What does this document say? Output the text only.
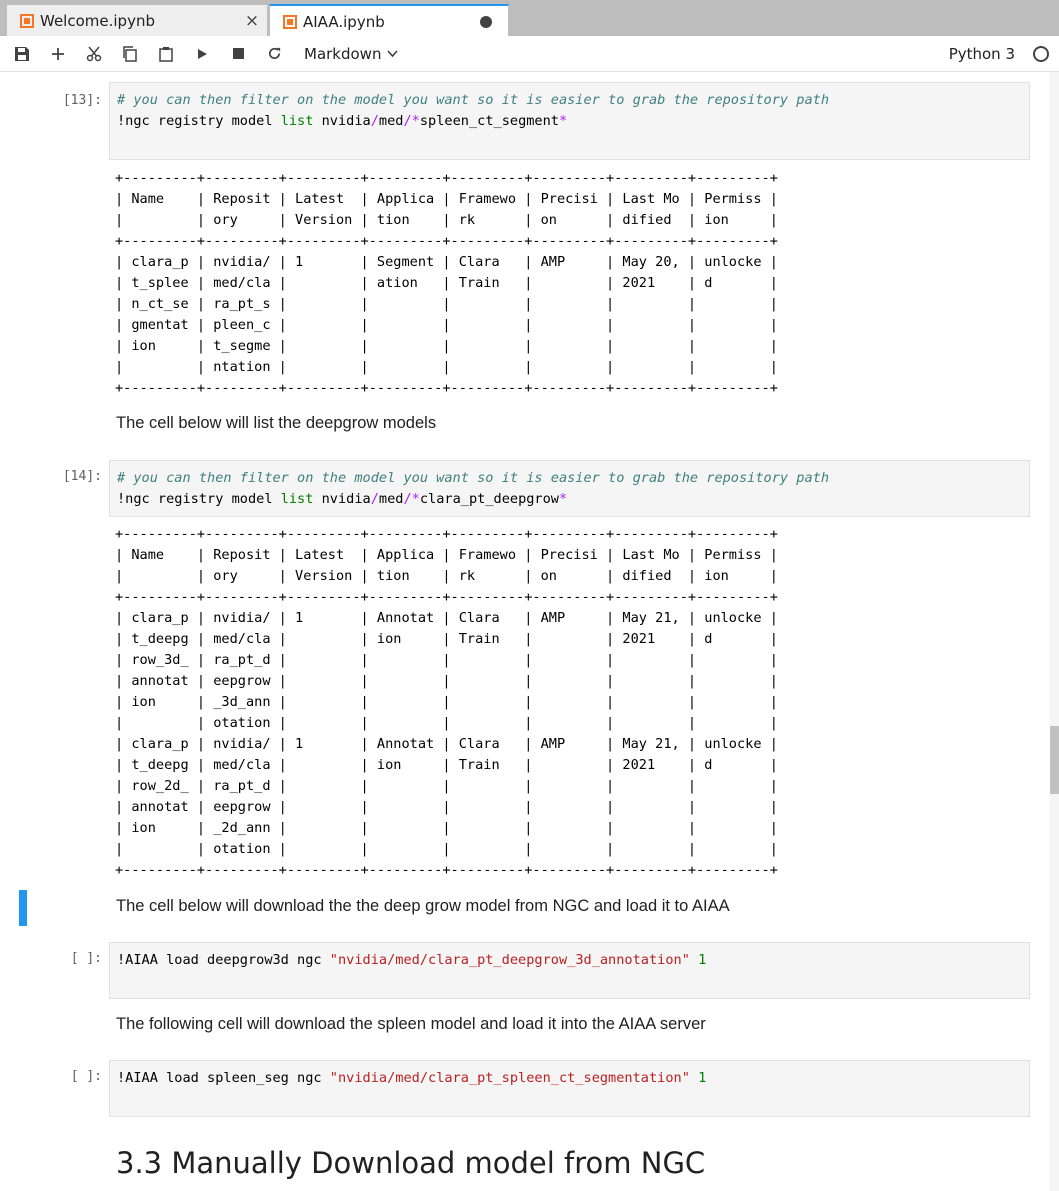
Welcome.ipynb	×	AIAA.ipynb
Markdown	Python 3
[13]:	# you can then filter on the model you want so it is easier to grab the repository path
!ngc registry model list nvidia/med/*spleen_ct_segment*
+---------+---------+---------+---------+---------+---------+---------+---------+
| Name    | Reposit | Latest  | Applica | Framewo | Precisi | Last Mo | Permiss |
|         | ory     | Version | tion    | rk      | on      | dified  | ion     |
+---------+---------+---------+---------+---------+---------+---------+---------+
| clara_p | nvidia/ | 1       | Segment | Clara   | AMP     | May 20, | unlocke |
| t_splee | med/cla |         | ation   | Train   |         | 2021    | d       |
| n_ct_se | ra_pt_s |         |         |         |         |         |         |
| gmentat | pleen_c |         |         |         |         |         |         |
| ion     | t_segme |         |         |         |         |         |         |
|         | ntation |         |         |         |         |         |         |
+---------+---------+---------+---------+---------+---------+---------+---------+
The cell below will list the deepgrow models
[14]:	# you can then filter on the model you want so it is easier to grab the repository path
!ngc registry model list nvidia/med/*clara_pt_deepgrow*
+---------+---------+---------+---------+---------+---------+---------+---------+
| Name    | Reposit | Latest  | Applica | Framewo | Precisi | Last Mo | Permiss |
|         | ory     | Version | tion    | rk      | on      | dified  | ion     |
+---------+---------+---------+---------+---------+---------+---------+---------+
| clara_p | nvidia/ | 1       | Annotat | Clara   | AMP     | May 21, | unlocke |
| t_deepg | med/cla |         | ion     | Train   |         | 2021    | d       |
| row_3d_ | ra_pt_d |         |         |         |         |         |         |
| annotat | eepgrow |         |         |         |         |         |         |
| ion     | _3d_ann |         |         |         |         |         |         |
|         | otation |         |         |         |         |         |         |
| clara_p | nvidia/ | 1       | Annotat | Clara   | AMP     | May 21, | unlocke |
| t_deepg | med/cla |         | ion     | Train   |         | 2021    | d       |
| row_2d_ | ra_pt_d |         |         |         |         |         |         |
| annotat | eepgrow |         |         |         |         |         |         |
| ion     | _2d_ann |         |         |         |         |         |         |
|         | otation |         |         |         |         |         |         |
+---------+---------+---------+---------+---------+---------+---------+---------+
The cell below will download the the deep grow model from NGC and load it to AIAA
[ ]:	!AIAA load deepgrow3d ngc "nvidia/med/clara_pt_deepgrow_3d_annotation" 1
The following cell will download the spleen model and load it into the AIAA server
[ ]:	!AIAA load spleen_seg ngc "nvidia/med/clara_pt_spleen_ct_segmentation" 1
3.3 Manually Download model from NGC
